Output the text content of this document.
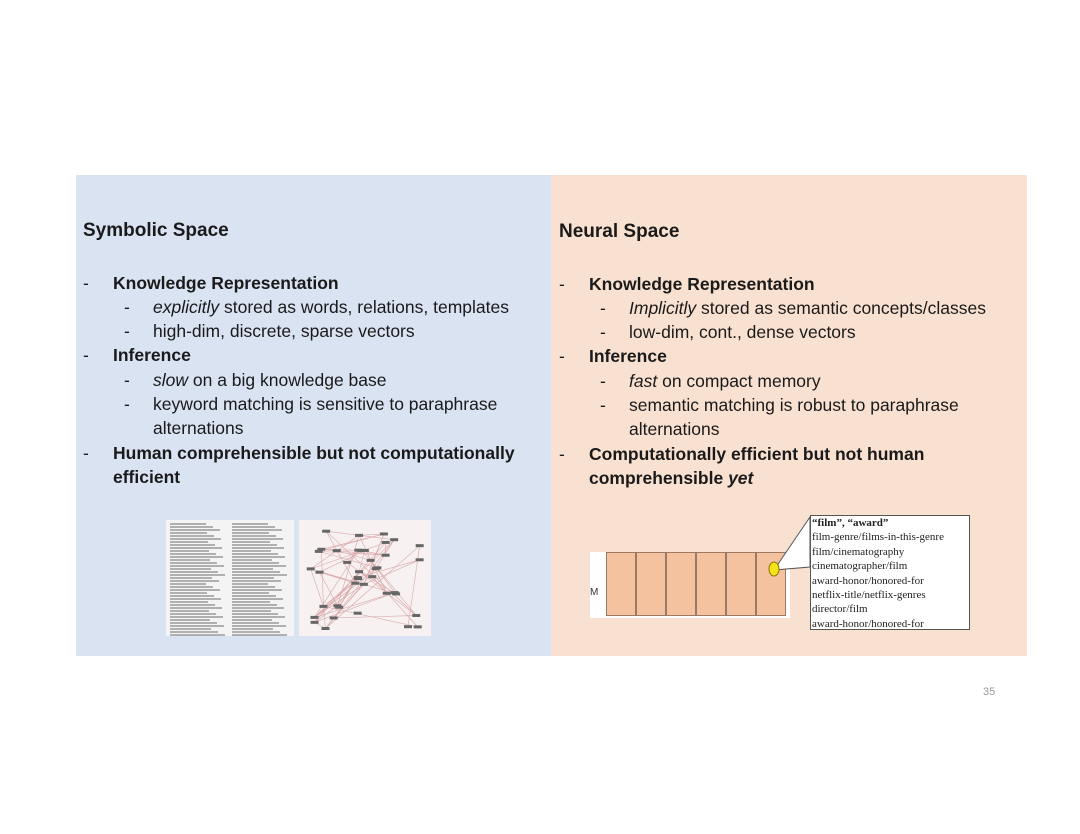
Symbolic Space
- Knowledge Representation
- explicitly stored as words, relations, templates
- high-dim, discrete, sparse vectors
- Inference
- slow on a big knowledge base
- keyword matching is sensitive to paraphrase
alternations
- Human comprehensible but not computationally
efficient
Neural Space
- Knowledge Representation
- Implicitly stored as semantic concepts/classes
- low-dim, cont., dense vectors
- Inference
- fast on compact memory
- semantic matching is robust to paraphrase
alternations
- Computationally efficient but not human
comprehensible yet
M
“film”, “award”
film-genre/films-in-this-genre
film/cinematography
cinematographer/film
award-honor/honored-for
netflix-title/netflix-genres
director/film
award-honor/honored-for
35
